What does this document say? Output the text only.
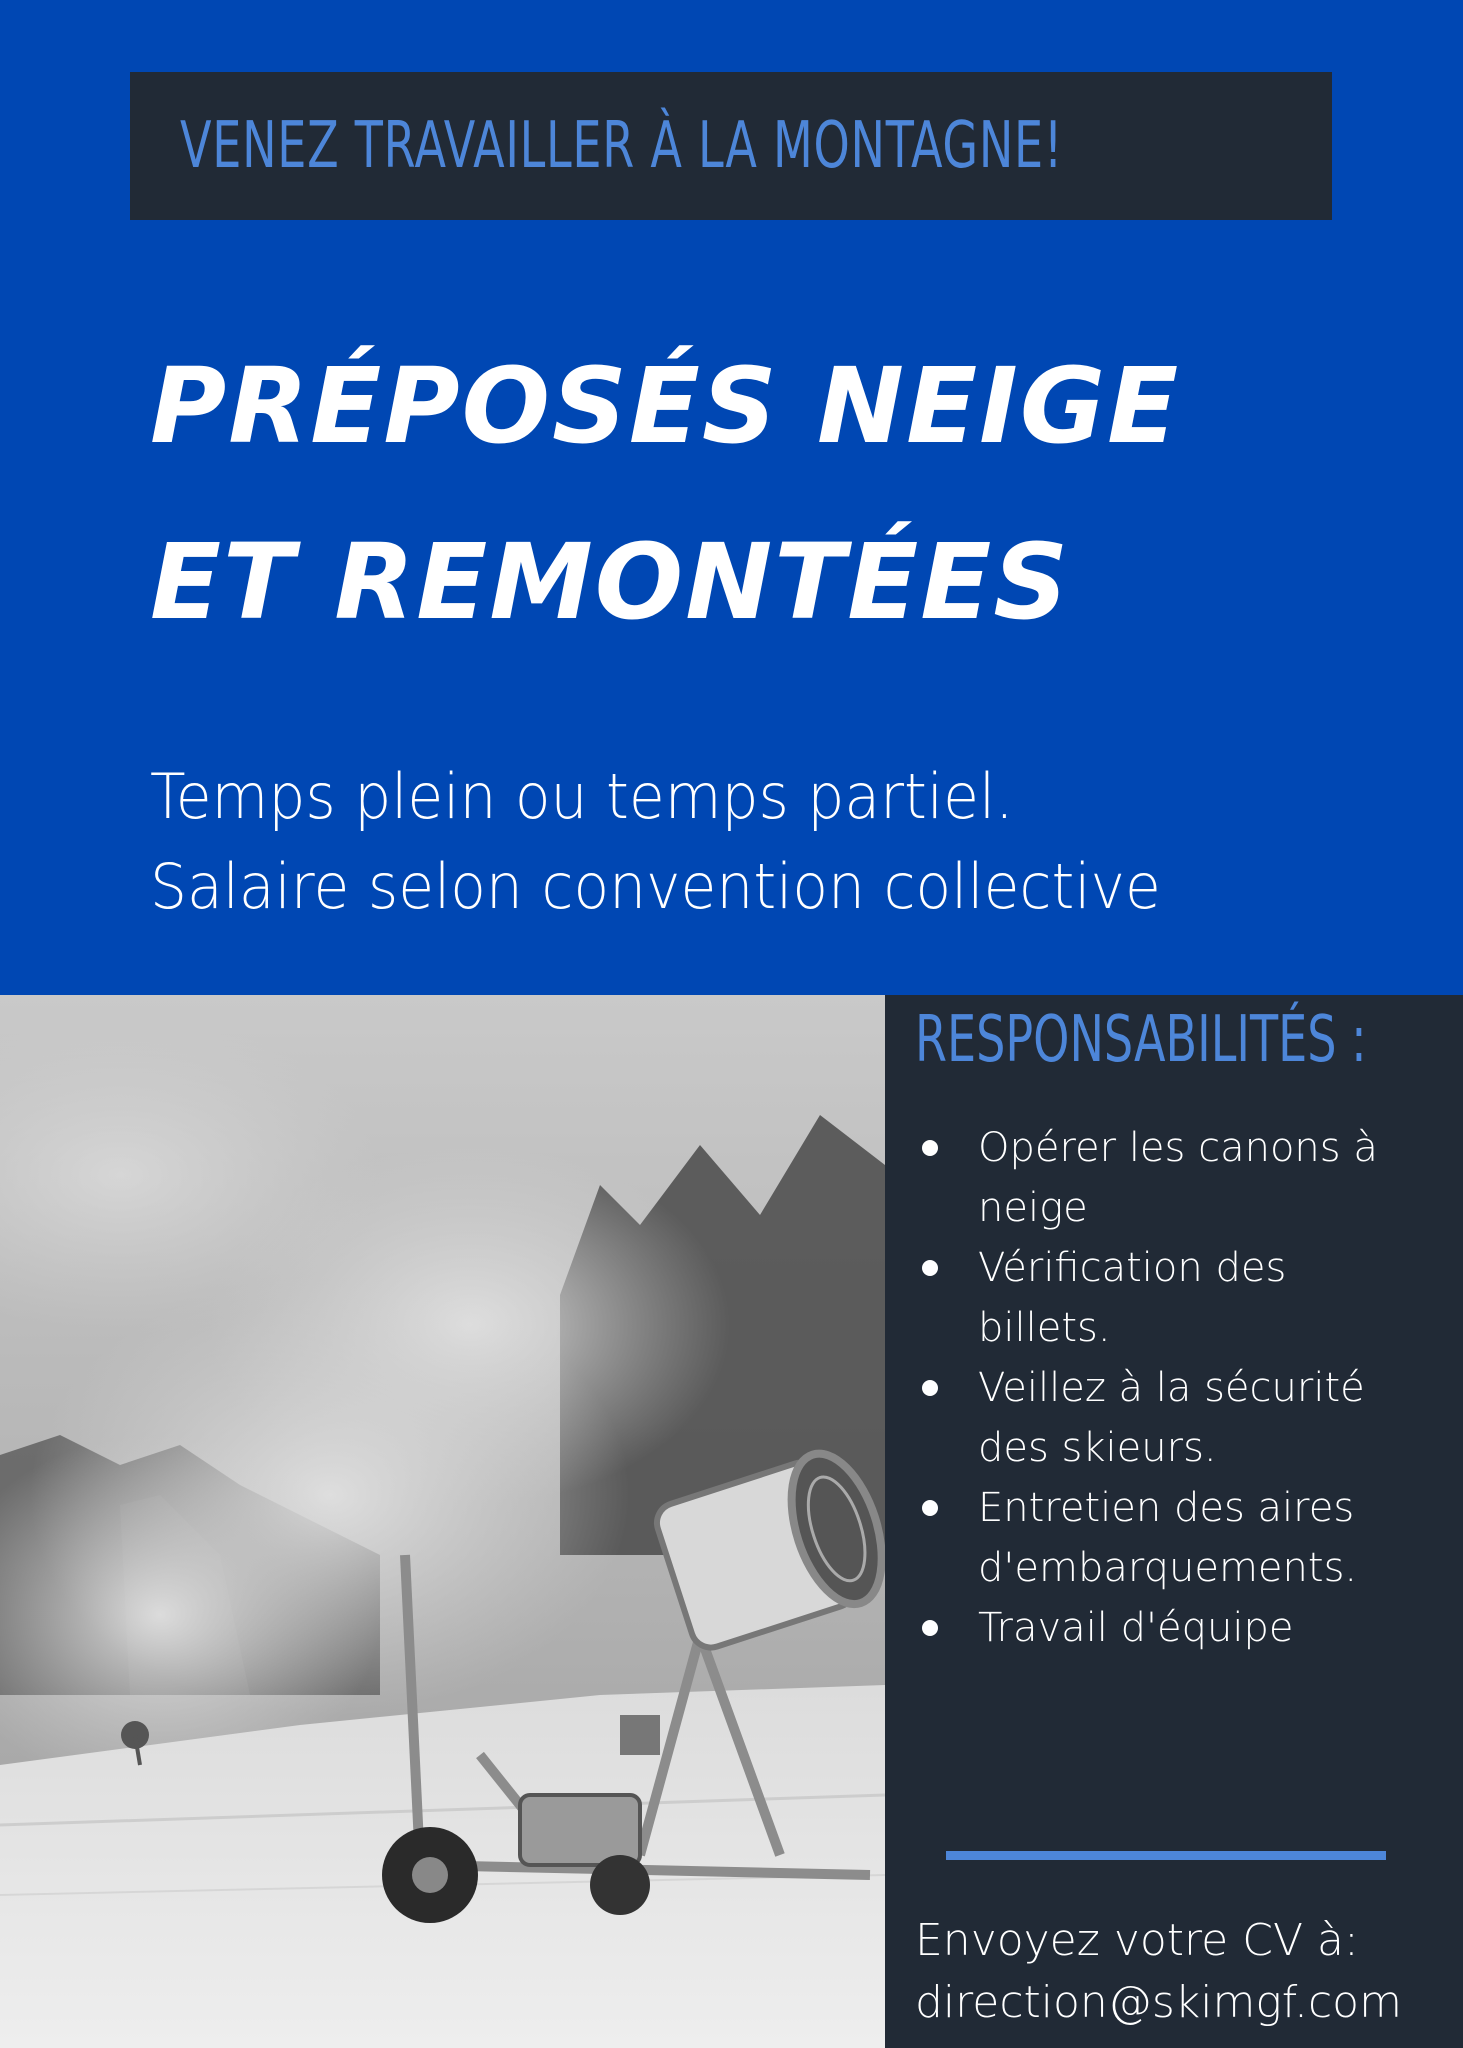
VENEZ TRAVAILLER À LA MONTAGNE!
PRÉPOSÉS NEIGE
ET REMONTÉES
Temps plein ou temps partiel.
Salaire selon convention collective
RESPONSABILITÉS :
Opérer les canons à neige
Vérification des billets.
Veillez à la sécurité des skieurs.
Entretien des aires d'embarquements.
Travail d'équipe
Envoyez votre CV à:
direction@skimgf.com
